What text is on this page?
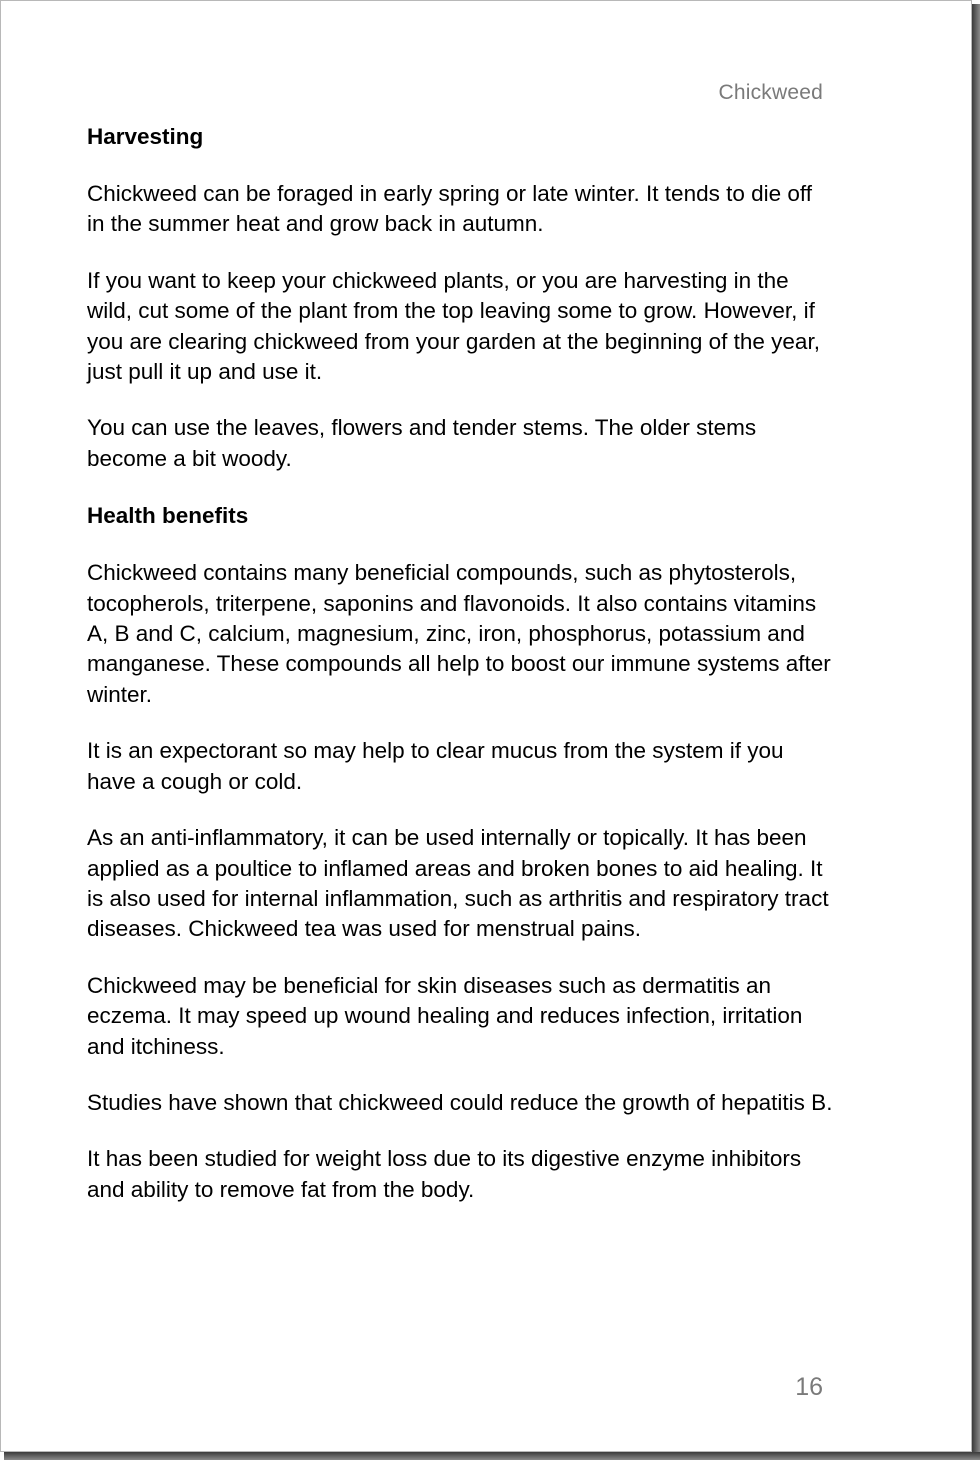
Chickweed
Harvesting

Chickweed can be foraged in early spring or late winter. It tends to die off in the summer heat and grow back in autumn.

If you want to keep your chickweed plants, or you are harvesting in the wild, cut some of the plant from the top leaving some to grow. However, if you are clearing chickweed from your garden at the beginning of the year, just pull it up and use it.

You can use the leaves, flowers and tender stems. The older stems become a bit woody.

Health benefits

Chickweed contains many beneficial compounds, such as phytosterols, tocopherols, triterpene, saponins and flavonoids. It also contains vitamins A, B and C, calcium, magnesium, zinc, iron, phosphorus, potassium and manganese. These compounds all help to boost our immune systems after winter.

It is an expectorant so may help to clear mucus from the system if you have a cough or cold.

As an anti-inflammatory, it can be used internally or topically. It has been applied as a poultice to inflamed areas and broken bones to aid healing. It is also used for internal inflammation, such as arthritis and respiratory tract diseases. Chickweed tea was used for menstrual pains.

Chickweed may be beneficial for skin diseases such as dermatitis an eczema. It may speed up wound healing and reduces infection, irritation and itchiness.

Studies have shown that chickweed could reduce the growth of hepatitis B.

It has been studied for weight loss due to its digestive enzyme inhibitors and ability to remove fat from the body.

16
